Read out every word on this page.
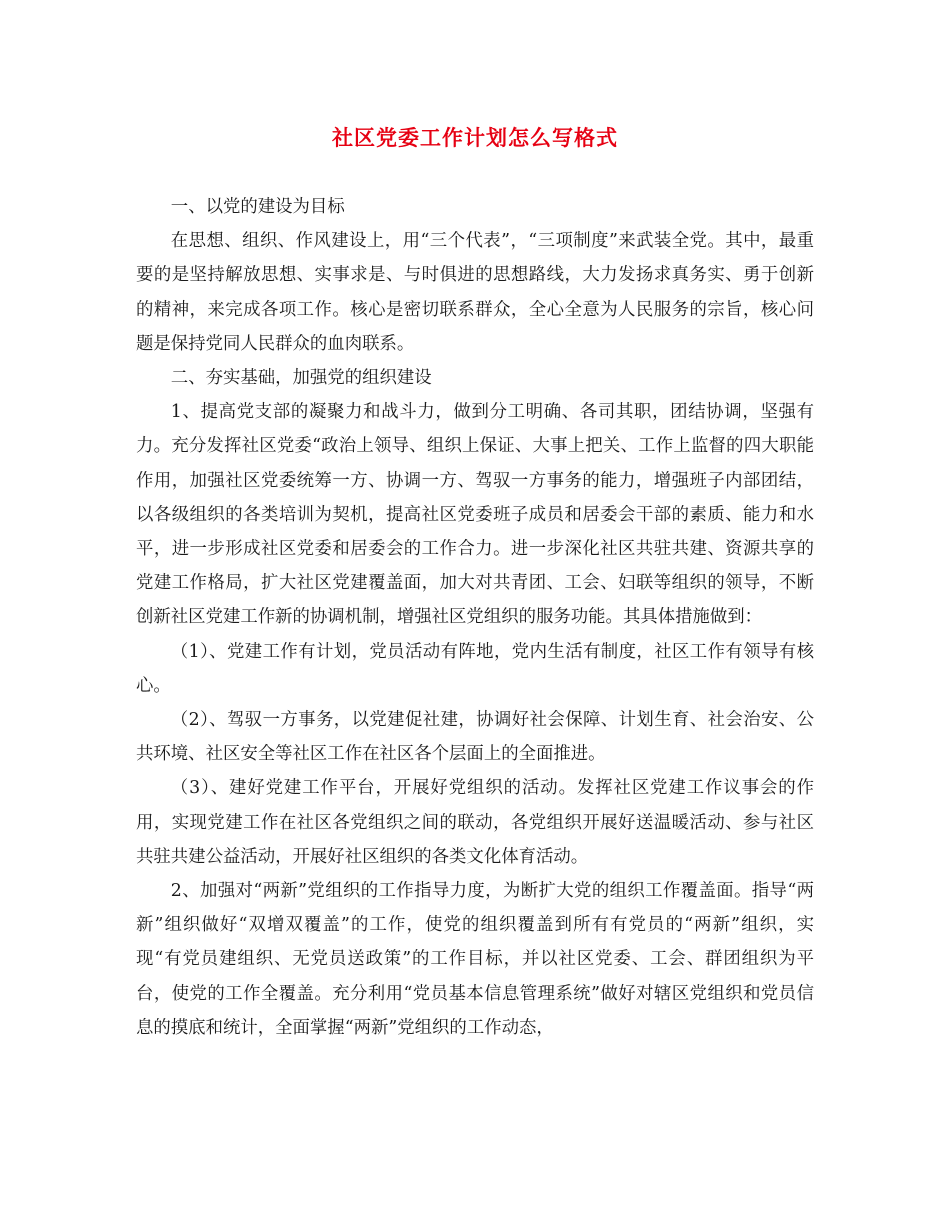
社区党委工作计划怎么写格式

一、以党的建设为目标

在思想、组织、作风建设上，用“三个代表”，“三项制度”来武装全党。其中，最重要的是坚持解放思想、实事求是、与时俱进的思想路线，大力发扬求真务实、勇于创新的精神，来完成各项工作。核心是密切联系群众，全心全意为人民服务的宗旨，核心问题是保持党同人民群众的血肉联系。

二、夯实基础，加强党的组织建设

1、提高党支部的凝聚力和战斗力，做到分工明确、各司其职，团结协调，坚强有力。充分发挥社区党委“政治上领导、组织上保证、大事上把关、工作上监督的四大职能作用，加强社区党委统筹一方、协调一方、驾驭一方事务的能力，增强班子内部团结，以各级组织的各类培训为契机，提高社区党委班子成员和居委会干部的素质、能力和水平，进一步形成社区党委和居委会的工作合力。进一步深化社区共驻共建、资源共享的党建工作格局，扩大社区党建覆盖面，加大对共青团、工会、妇联等组织的领导，不断创新社区党建工作新的协调机制，增强社区党组织的服务功能。其具体措施做到：

（1）、党建工作有计划，党员活动有阵地，党内生活有制度，社区工作有领导有核心。

（2）、驾驭一方事务，以党建促社建，协调好社会保障、计划生育、社会治安、公共环境、社区安全等社区工作在社区各个层面上的全面推进。

（3）、建好党建工作平台，开展好党组织的活动。发挥社区党建工作议事会的作用，实现党建工作在社区各党组织之间的联动，各党组织开展好送温暖活动、参与社区共驻共建公益活动，开展好社区组织的各类文化体育活动。

2、加强对“两新”党组织的工作指导力度，为断扩大党的组织工作覆盖面。指导“两新”组织做好“双增双覆盖”的工作，使党的组织覆盖到所有有党员的“两新”组织，实现“有党员建组织、无党员送政策”的工作目标，并以社区党委、工会、群团组织为平台，使党的工作全覆盖。充分利用“党员基本信息管理系统”做好对辖区党组织和党员信息的摸底和统计，全面掌握“两新”党组织的工作动态，
